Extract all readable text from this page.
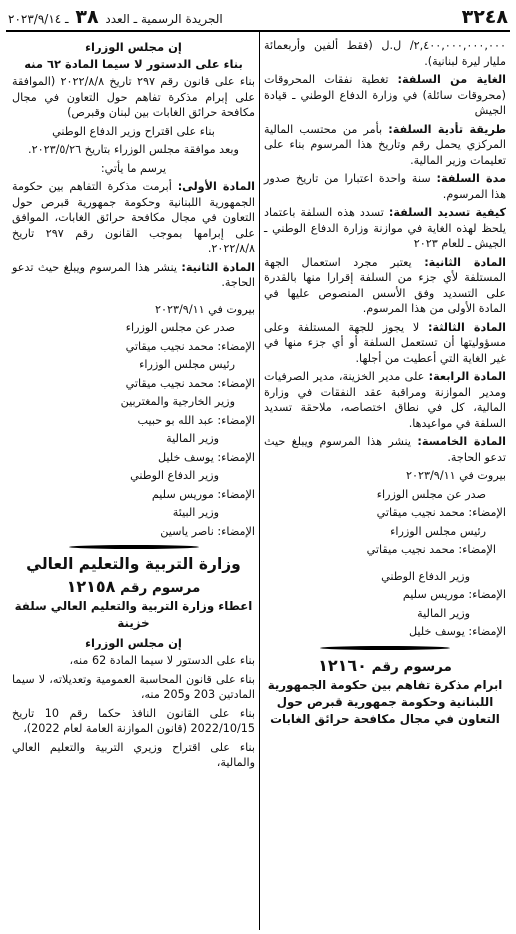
٣٢٤٨
الجريدة الرسمية ـ العدد ٣٨ ـ ٢٠٢٣/٩/١٤

٢,٤٠٠,٠٠٠,٠٠٠,٠٠٠/ ل.ل (فقط ألفين وأربعمائة مليار ليرة لبنانية).

الغاية من السلفة: تغطية نفقات المحروقات (محروقات سائلة) في وزارة الدفاع الوطني ـ قيادة الجيش

طريقة تأدية السلفة: بأمر من محتسب المالية المركزي يحمل رقم وتاريخ هذا المرسوم بناء على تعليمات وزير المالية.

مدة السلفة: سنة واحدة اعتبارا من تاريخ صدور هذا المرسوم.

كيفية تسديد السلفة: تسدد هذه السلفة باعتماد يلحظ لهذه الغاية في موازنة وزارة الدفاع الوطني ـ الجيش ـ للعام ٢٠٢٣

المادة الثانية: يعتبر مجرد استعمال الجهة المستلفة لأي جزء من السلفة إقرارا منها بالقدرة على التسديد وفق الأسس المنصوص عليها في المادة الأولى من هذا المرسوم.

المادة الثالثة: لا يجوز للجهة المستلفة وعلى مسؤوليتها أن تستعمل السلفة أو أي جزء منها في غير الغاية التي أعطيت من أجلها.

المادة الرابعة: على مدير الخزينة، مدير الصرفيات ومدير الموازنة ومراقبة عقد النفقات في وزارة المالية، كل في نطاق اختصاصه، ملاحقة تسديد السلفة في مواعيدها.

المادة الخامسة: ينشر هذا المرسوم ويبلغ حيث تدعو الحاجة.

بيروت في ٢٠٢٣/٩/١١
صدر عن مجلس الوزراء
الإمضاء: محمد نجيب ميقاتي
رئيس مجلس الوزراء
الإمضاء: محمد نجيب ميقاتي
وزير الدفاع الوطني
الإمضاء: موريس سليم
وزير المالية
الإمضاء: يوسف خليل
مرسوم رقم ١٢١٦٠
ابرام مذكرة تفاهم بين حكومة الجمهورية اللبنانية وحكومة جمهورية قبرص حول التعاون في مجال مكافحة حرائق الغابات
إن مجلس الوزراء
بناء على الدستور لا سيما المادة ٦٢ منه

بناء على قانون رقم ٢٩٧ تاريخ ٢٠٢٢/٨/٨ (الموافقة على إبرام مذكرة تفاهم حول التعاون في مجال مكافحة حرائق الغابات بين لبنان وقبرص)

بناء على اقتراح وزير الدفاع الوطني

وبعد موافقة مجلس الوزراء بتاريخ ٢٠٢٣/٥/٢٦.

يرسم ما يأتي:

المادة الأولى: أبرمت مذكرة التفاهم بين حكومة الجمهورية اللبنانية وحكومة جمهورية قبرص حول التعاون في مجال مكافحة حرائق الغابات، الموافق على إبرامها بموجب القانون رقم ٢٩٧ تاريخ ٢٠٢٢/٨/٨.

المادة الثانية: ينشر هذا المرسوم ويبلغ حيث تدعو الحاجة.

بيروت في ٢٠٢٣/٩/١١
صدر عن مجلس الوزراء
الإمضاء: محمد نجيب ميقاتي
رئيس مجلس الوزراء
الإمضاء: محمد نجيب ميقاتي
وزير الخارجية والمغتربين
الإمضاء: عبد الله بو حبيب
وزير المالية
الإمضاء: يوسف خليل
وزير الدفاع الوطني
الإمضاء: موريس سليم
وزير البيئة
الإمضاء: ناصر ياسين
وزارة التربية والتعليم العالي
مرسوم رقم ١٢١٥٨
اعطاء وزارة التربية والتعليم العالي سلفة خزينة
إن مجلس الوزراء

بناء على الدستور لا سيما المادة 62 منه،

بناء على قانون المحاسبة العمومية وتعديلاته، لا سيما المادتين 203 و205 منه،

بناء على القانون النافذ حكما رقم 10 تاريخ 2022/10/15 (قانون الموازنة العامة لعام 2022)،

بناء على اقتراح وزيري التربية والتعليم العالي والمالية،
